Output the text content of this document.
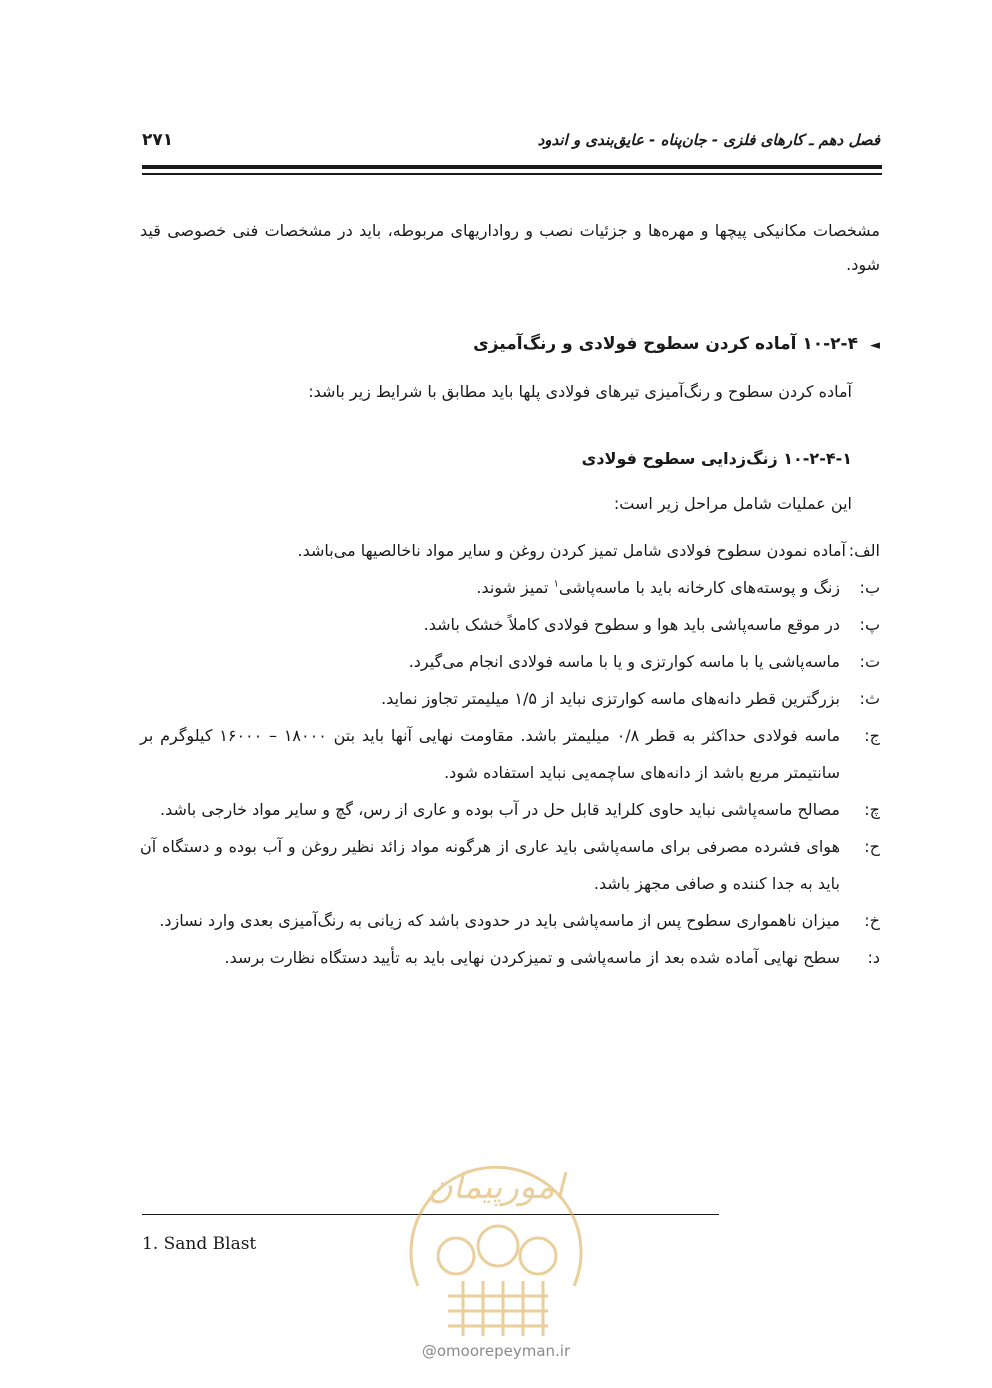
فصل دهم ـ کارهای فلزی - جان‌پناه - عایق‌بندی و اندود
۲۷۱
مشخصات مکانیکی پیچها و مهره‌ها و جزئیات نصب و رواداریهای مربوطه، باید در مشخصات فنی خصوصی قید شود.
◄۱۰-۲-۴ آماده کردن سطوح فولادی و رنگ‌آمیزی
آماده کردن سطوح و رنگ‌آمیزی تیرهای فولادی پلها باید مطابق با شرایط زیر باشد:
۱۰-۲-۴-۱ زنگ‌زدایی سطوح فولادی
این عملیات شامل مراحل زیر است:
الف:
آماده نمودن سطوح فولادی شامل تمیز کردن روغن و سایر مواد ناخالصیها می‌باشد.
ب:
زنگ و پوسته‌های کارخانه باید با ماسه‌پاشی$^۱$ تمیز شوند.
پ:
در موقع ماسه‌پاشی باید هوا و سطوح فولادی کاملاً خشک باشد.
ت:
ماسه‌پاشی یا با ماسه کوارتزی و یا با ماسه فولادی انجام می‌گیرد.
ث:
بزرگترین قطر دانه‌های ماسه کوارتزی نباید از ۱/۵ میلیمتر تجاوز نماید.
ج:
ماسه فولادی حداکثر به قطر ۰/۸ میلیمتر باشد. مقاومت نهایی آنها باید بتن ۱۸۰۰۰ – ۱۶۰۰۰ کیلوگرم بر سانتیمتر مربع باشد از دانه‌های ساچمه‌یی نباید استفاده شود.
چ:
مصالح ماسه‌پاشی نباید حاوی کلراید قابل حل در آب بوده و عاری از رس، گچ و سایر مواد خارجی باشد.
ح:
هوای فشرده مصرفی برای ماسه‌پاشی باید عاری از هرگونه مواد زائد نظیر روغن و آب بوده و دستگاه آن باید به جدا کننده و صافی مجهز باشد.
خ:
میزان ناهمواری سطوح پس از ماسه‌پاشی باید در حدودی باشد که زیانی به رنگ‌آمیزی بعدی وارد نسازد.
د:
سطح نهایی آماده شده بعد از ماسه‌پاشی و تمیزکردن نهایی باید به تأیید دستگاه نظارت برسد.
1. Sand Blast
امورپیمان
@omoorepeyman.ir
